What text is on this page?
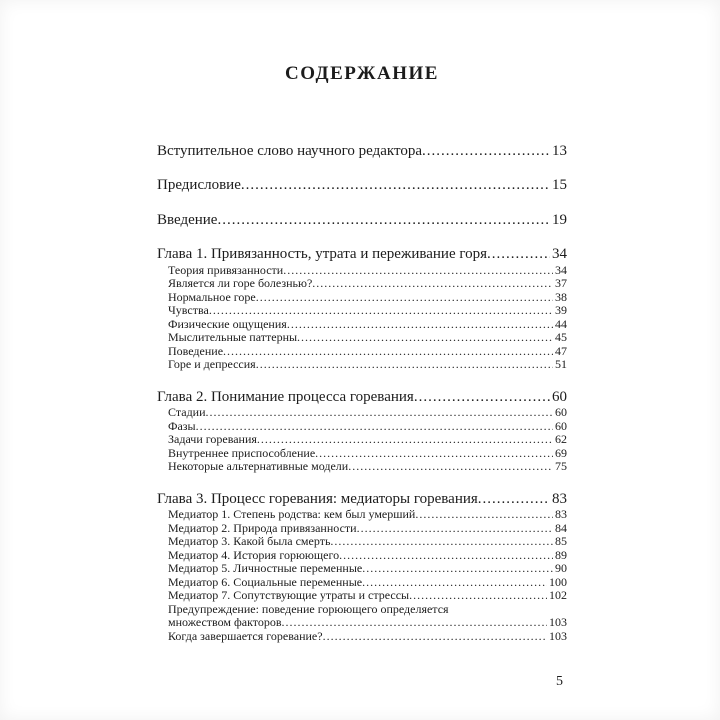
СОДЕРЖАНИЕ
Вступительное слово научного редактора .....	13
Предисловие .....	15
Введение .....	19
Глава 1. Привязанность, утрата и переживание горя .....	34
Теория привязанности .....	34
Является ли горе болезнью? .....	37
Нормальное горе .....	38
Чувства .....	39
Физические ощущения .....	44
Мыслительные паттерны .....	45
Поведение .....	47
Горе и депрессия .....	51
Глава 2. Понимание процесса горевания .....	60
Стадии .....	60
Фазы .....	60
Задачи горевания .....	62
Внутреннее приспособление .....	69
Некоторые альтернативные модели .....	75
Глава 3. Процесс горевания: медиаторы горевания .....	83
Медиатор 1. Степень родства: кем был умерший .....	83
Медиатор 2. Природа привязанности .....	84
Медиатор 3. Какой была смерть .....	85
Медиатор 4. История горюющего .....	89
Медиатор 5. Личностные переменные .....	90
Медиатор 6. Социальные переменные .....	100
Медиатор 7. Сопутствующие утраты и стрессы .....	102
Предупреждение: поведение горюющего определяется
множеством факторов .....	103
Когда завершается горевание? .....	103
5
